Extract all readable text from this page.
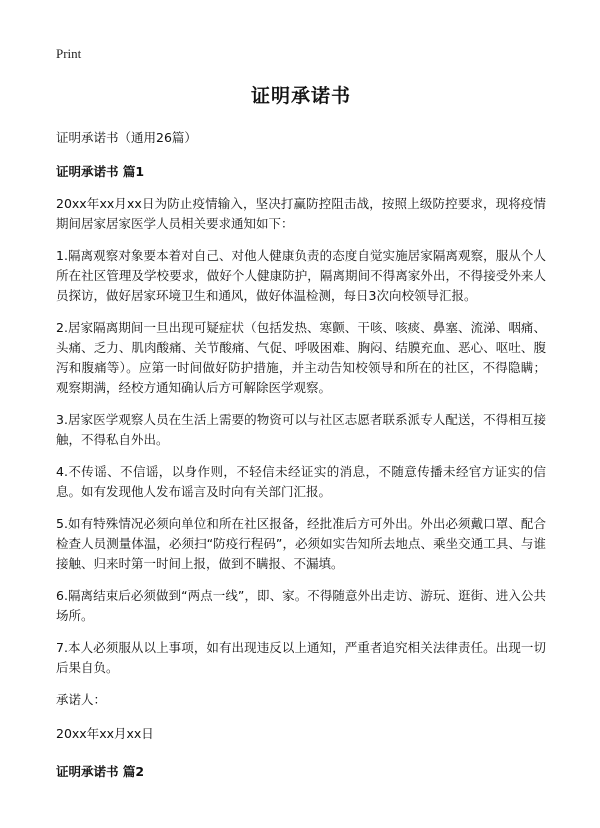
Print
证明承诺书
证明承诺书（通用26篇）
证明承诺书 篇1
20xx年xx月xx日为防止疫情输入，坚决打赢防控阻击战，按照上级防控要求，现将疫情期间居家居家医学人员相关要求通知如下：
1.隔离观察对象要本着对自己、对他人健康负责的态度自觉实施居家隔离观察，服从个人所在社区管理及学校要求，做好个人健康防护，隔离期间不得离家外出，不得接受外来人员探访，做好居家环境卫生和通风，做好体温检测，每日3次向校领导汇报。
2.居家隔离期间一旦出现可疑症状（包括发热、寒颤、干咳、咳痰、鼻塞、流涕、咽痛、头痛、乏力、肌肉酸痛、关节酸痛、气促、呼吸困难、胸闷、结膜充血、恶心、呕吐、腹泻和腹痛等）。应第一时间做好防护措施，并主动告知校领导和所在的社区，不得隐瞒；观察期满，经校方通知确认后方可解除医学观察。
3.居家医学观察人员在生活上需要的物资可以与社区志愿者联系派专人配送，不得相互接触，不得私自外出。
4.不传谣、不信谣，以身作则，不轻信未经证实的消息，不随意传播未经官方证实的信息。如有发现他人发布谣言及时向有关部门汇报。
5.如有特殊情况必须向单位和所在社区报备，经批准后方可外出。外出必须戴口罩、配合检查人员测量体温，必须扫“防疫行程码”，必须如实告知所去地点、乘坐交通工具、与谁接触、归来时第一时间上报，做到不瞒报、不漏填。
6.隔离结束后必须做到“两点一线”，即、家。不得随意外出走访、游玩、逛街、进入公共场所。
7.本人必须服从以上事项，如有出现违反以上通知，严重者追究相关法律责任。出现一切后果自负。
承诺人：
20xx年xx月xx日
证明承诺书 篇2
